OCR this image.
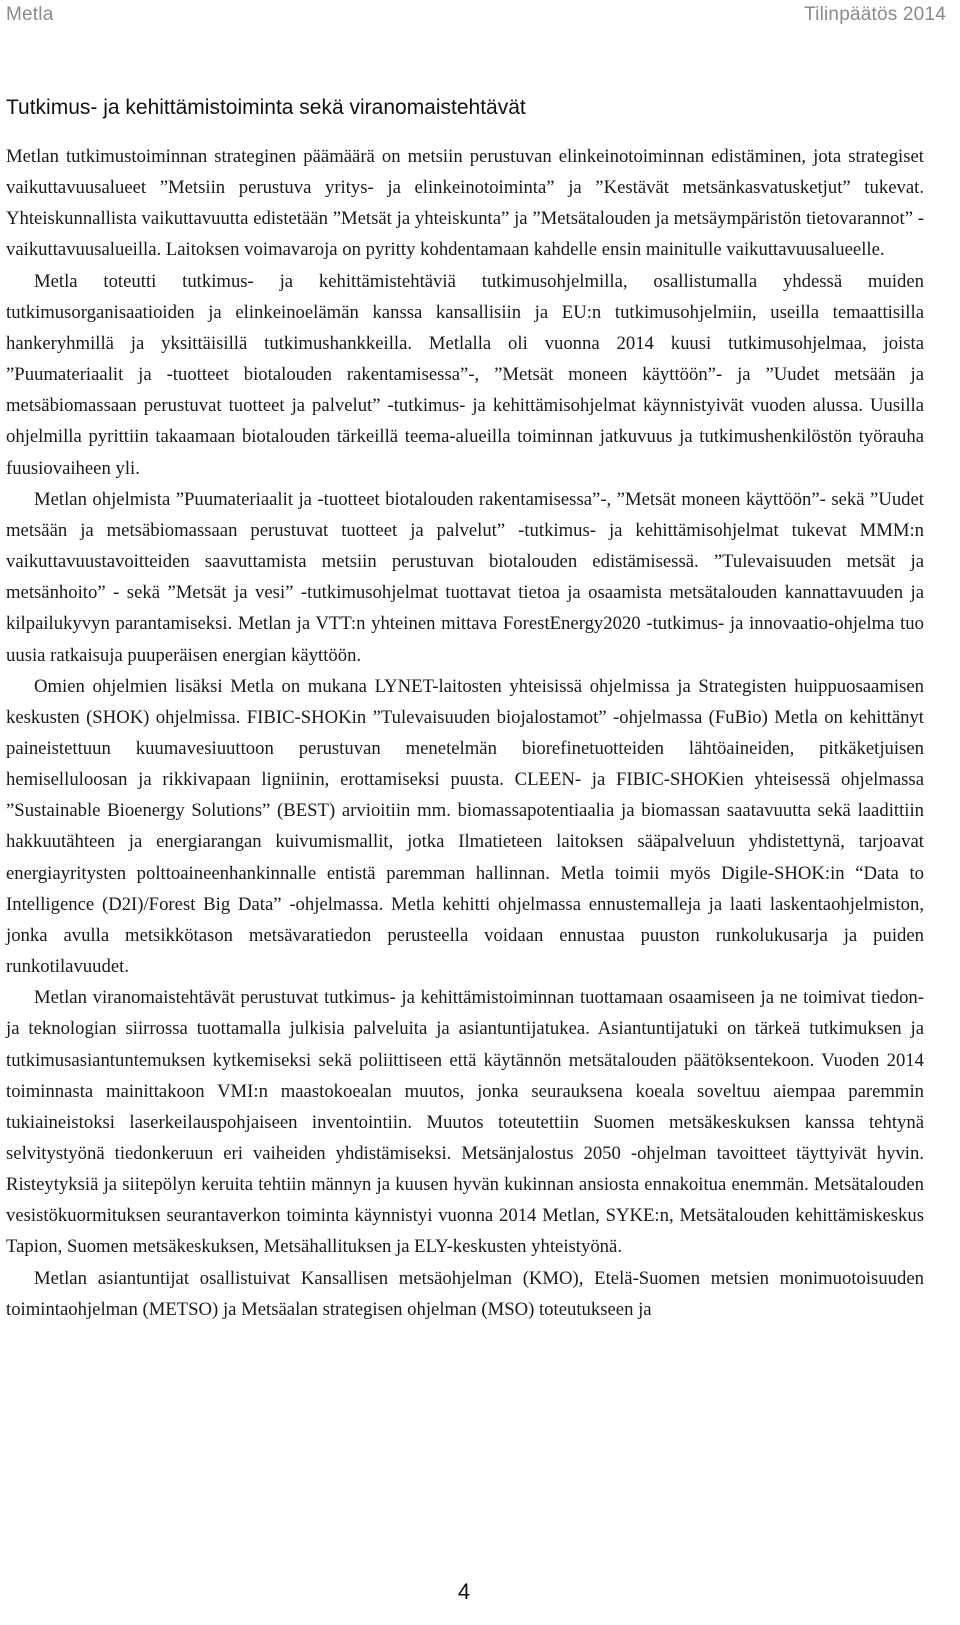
Metla	Tilinpäätös 2014
Tutkimus- ja kehittämistoiminta sekä viranomaistehtävät

Metlan tutkimustoiminnan strateginen päämäärä on metsiin perustuvan elinkeinotoiminnan edistäminen, jota strategiset vaikuttavuusalueet ”Metsiin perustuva yritys- ja elinkeinotoiminta” ja ”Kestävät metsänkasvatusketjut” tukevat. Yhteiskunnallista vaikuttavuutta edistetään ”Metsät ja yhteiskunta” ja ”Metsätalouden ja metsäympäristön tietovarannot” -vaikuttavuusalueilla. Laitoksen voimavaroja on pyritty kohdentamaan kahdelle ensin mainitulle vaikuttavuusalueelle.

Metla toteutti tutkimus- ja kehittämistehtäviä tutkimusohjelmilla, osallistumalla yhdessä muiden tutkimusorganisaatioiden ja elinkeinoelämän kanssa kansallisiin ja EU:n tutkimusohjelmiin, useilla temaattisilla hankeryhmillä ja yksittäisillä tutkimushankkeilla. Metlalla oli vuonna 2014 kuusi tutkimusohjelmaa, joista ”Puumateriaalit ja -tuotteet biotalouden rakentamisessa”-, ”Metsät moneen käyttöön”- ja ”Uudet metsään ja metsäbiomassaan perustuvat tuotteet ja palvelut” -tutkimus- ja kehittämisohjelmat käynnistyivät vuoden alussa. Uusilla ohjelmilla pyrittiin takaamaan biotalouden tärkeillä teema-alueilla toiminnan jatkuvuus ja tutkimushenkilöstön työrauha fuusiovaiheen yli.

Metlan ohjelmista ”Puumateriaalit ja -tuotteet biotalouden rakentamisessa”-, ”Metsät moneen käyttöön”- sekä ”Uudet metsään ja metsäbiomassaan perustuvat tuotteet ja palvelut” -tutkimus- ja kehittämisohjelmat tukevat MMM:n vaikuttavuustavoitteiden saavuttamista metsiin perustuvan biotalouden edistämisessä. ”Tulevaisuuden metsät ja metsänhoito” - sekä ”Metsät ja vesi” -tutkimusohjelmat tuottavat tietoa ja osaamista metsätalouden kannattavuuden ja kilpailukyvyn parantamiseksi. Metlan ja VTT:n yhteinen mittava ForestEnergy2020 -tutkimus- ja innovaatio-ohjelma tuo uusia ratkaisuja puuperäisen energian käyttöön.

Omien ohjelmien lisäksi Metla on mukana LYNET-laitosten yhteisissä ohjelmissa ja Strategisten huippuosaamisen keskusten (SHOK) ohjelmissa. FIBIC-SHOKin ”Tulevaisuuden biojalostamot” -ohjelmassa (FuBio) Metla on kehittänyt paineistettuun kuumavesiuuttoon perustuvan menetelmän biorefinetuotteiden lähtöaineiden, pitkäketjuisen hemiselluloosan ja rikkivapaan ligniinin, erottamiseksi puusta. CLEEN- ja FIBIC-SHOKien yhteisessä ohjelmassa ”Sustainable Bioenergy Solutions” (BEST) arvioitiin mm. biomassapotentiaalia ja biomassan saatavuutta sekä laadittiin hakkuutähteen ja energiarangan kuivumismallit, jotka Ilmatieteen laitoksen sääpalveluun yhdistettynä, tarjoavat energiayritysten polttoaineenhankinnalle entistä paremman hallinnan. Metla toimii myös Digile-SHOK:in “Data to Intelligence (D2I)/Forest Big Data” -ohjelmassa. Metla kehitti ohjelmassa ennustemalleja ja laati laskentaohjelmiston, jonka avulla metsikkötason metsävaratiedon perusteella voidaan ennustaa puuston runkolukusarja ja puiden runkotilavuudet.

Metlan viranomaistehtävät perustuvat tutkimus- ja kehittämistoiminnan tuottamaan osaamiseen ja ne toimivat tiedon- ja teknologian siirrossa tuottamalla julkisia palveluita ja asiantuntijatukea. Asiantuntijatuki on tärkeä tutkimuksen ja tutkimusasiantuntemuksen kytkemiseksi sekä poliittiseen että käytännön metsätalouden päätöksentekoon. Vuoden 2014 toiminnasta mainittakoon VMI:n maastokoealan muutos, jonka seurauksena koeala soveltuu aiempaa paremmin tukiaineistoksi laserkeilauspohjaiseen inventointiin. Muutos toteutettiin Suomen metsäkeskuksen kanssa tehtynä selvitystyönä tiedonkeruun eri vaiheiden yhdistämiseksi. Metsänjalostus 2050 -ohjelman tavoitteet täyttyivät hyvin. Risteytyksiä ja siitepölyn keruita tehtiin männyn ja kuusen hyvän kukinnan ansiosta ennakoitua enemmän. Metsätalouden vesistökuormituksen seurantaverkon toiminta käynnistyi vuonna 2014 Metlan, SYKE:n, Metsätalouden kehittämiskeskus Tapion, Suomen metsäkeskuksen, Metsähallituksen ja ELY-keskusten yhteistyönä.

Metlan asiantuntijat osallistuivat Kansallisen metsäohjelman (KMO), Etelä-Suomen metsien monimuotoisuuden toimintaohjelman (METSO) ja Metsäalan strategisen ohjelman (MSO) toteutukseen ja

4
